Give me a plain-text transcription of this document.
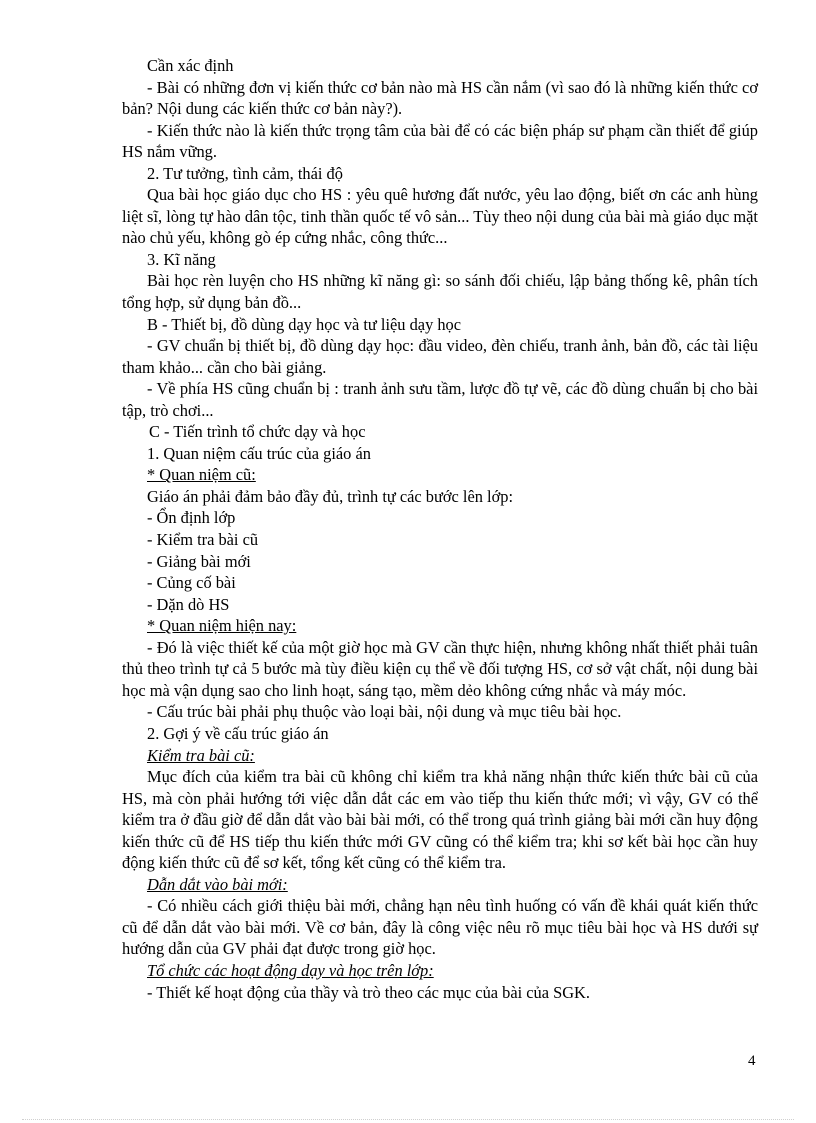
Cần xác định

- Bài có những đơn vị kiến thức cơ bản nào mà HS cần nắm (vì sao đó là những kiến thức cơ bản? Nội dung các kiến thức cơ bản này?).

- Kiến thức nào là kiến thức trọng tâm của bài để có các biện pháp sư phạm cần thiết để giúp HS nắm vững.

2. Tư tưởng, tình cảm, thái độ

Qua bài học giáo dục cho HS : yêu quê hương đất nước, yêu lao động, biết ơn các anh hùng liệt sĩ, lòng tự hào dân tộc, tinh thần quốc tế vô sản... Tùy theo nội dung của bài mà giáo dục mặt nào chủ yếu, không gò ép cứng nhắc, công thức...

3. Kĩ năng

Bài học rèn luyện cho HS những kĩ năng gì: so sánh đối chiếu, lập bảng thống kê, phân tích tổng hợp, sử dụng bản đồ...

B - Thiết bị, đồ dùng dạy học và tư liệu dạy học

- GV chuẩn bị thiết bị, đồ dùng dạy học: đầu video, đèn chiếu, tranh ảnh, bản đồ, các tài liệu tham khảo... cần cho bài giảng.

- Về phía HS cũng chuẩn bị : tranh ảnh sưu tầm, lược đồ tự vẽ, các đồ dùng chuẩn bị cho bài tập, trò chơi...

C - Tiến trình tổ chức dạy và học

1. Quan niệm cấu trúc của giáo án

* Quan niệm cũ:

Giáo án phải đảm bảo đầy đủ, trình tự các bước lên lớp:

- Ổn định lớp

- Kiểm tra bài cũ

- Giảng bài mới

- Củng cố bài

- Dặn dò HS

* Quan niệm hiện nay:

- Đó là việc thiết kế của một giờ học mà GV cần thực hiện, nhưng không nhất thiết phải tuân thủ theo trình tự cả 5 bước mà tùy điều kiện cụ thể về đối tượng HS, cơ sở vật chất, nội dung bài học mà vận dụng sao cho linh hoạt, sáng tạo, mềm dẻo không cứng nhắc và máy móc.

- Cấu trúc bài phải phụ thuộc vào loại bài, nội dung và mục tiêu bài học.

2. Gợi ý về cấu trúc giáo án

Kiểm tra bài cũ:

Mục đích của kiểm tra bài cũ không chỉ kiểm tra khả năng nhận thức kiến thức bài cũ của HS, mà còn phải hướng tới việc dẫn dắt các em vào tiếp thu kiến thức mới; vì vậy, GV có thể kiểm tra ở đầu giờ để dẫn dắt vào bài bài mới, có thể trong quá trình giảng bài mới cần huy động kiến thức cũ để HS tiếp thu kiến thức mới GV cũng có thể kiểm tra; khi sơ kết bài học cần huy động kiến thức cũ để sơ kết, tổng kết cũng có thể kiểm tra.

Dẫn dắt vào bài mới:

- Có nhiều cách giới thiệu bài mới, chẳng hạn nêu tình huống có vấn đề khái quát kiến thức cũ để dẫn dắt vào bài mới. Về cơ bản, đây là công việc nêu rõ mục tiêu bài học và HS dưới sự hướng dẫn của GV phải đạt được trong giờ học.

Tổ chức các hoạt động dạy và học trên lớp:

- Thiết kế hoạt động của thầy và trò theo các mục của bài của SGK.

4
